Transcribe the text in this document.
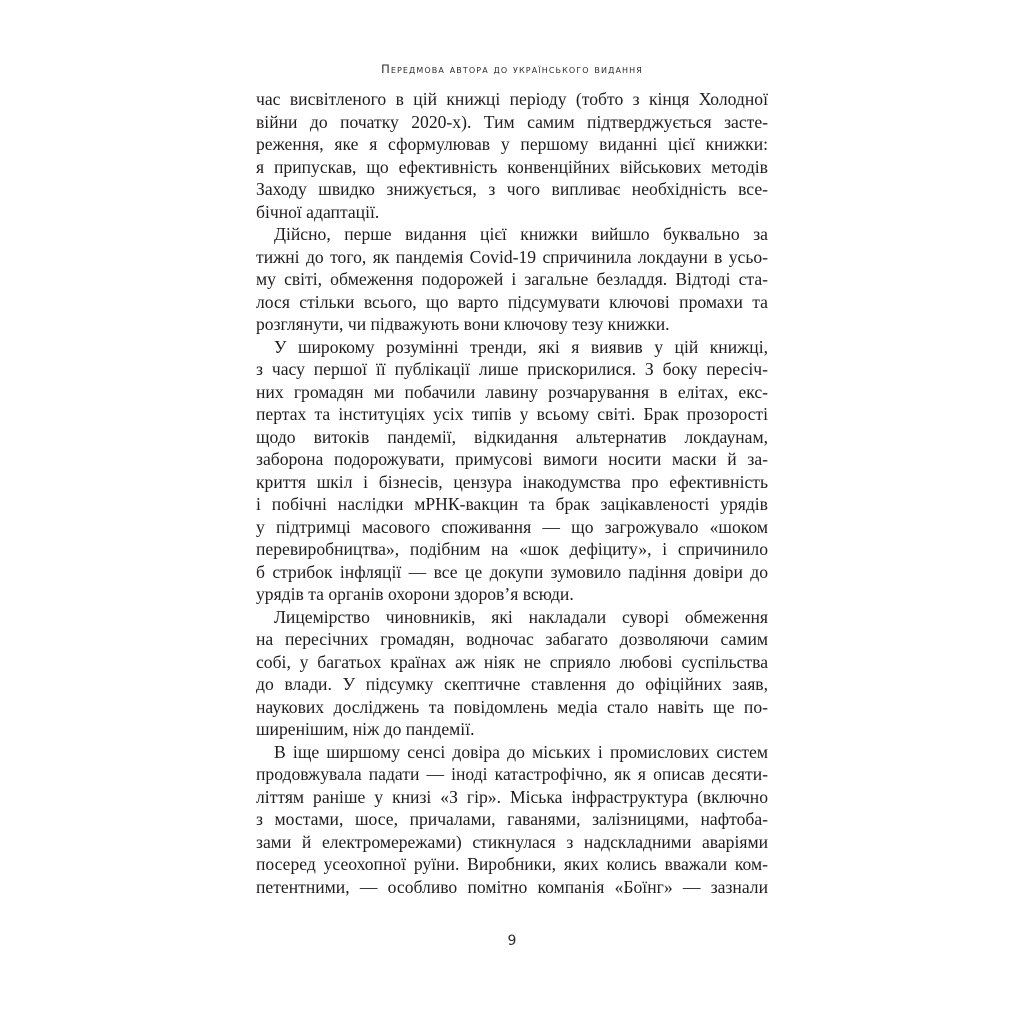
Передмова автора до українського видання
час висвітленого в цій книжці періоду (тобто з кінця Холодної
війни до початку 2020-х). Тим самим підтверджується засте-
реження, яке я сформулював у першому виданні цієї книжки:
я припускав, що ефективність конвенційних військових методів
Заходу швидко знижується, з чого випливає необхідність все-
бічної адаптації.
Дійсно, перше видання цієї книжки вийшло буквально за
тижні до того, як пандемія Covid-19 спричинила локдауни в усьо-
му світі, обмеження подорожей і загальне безладдя. Відтоді ста-
лося стільки всього, що варто підсумувати ключові промахи та
розглянути, чи підважують вони ключову тезу книжки.
У широкому розумінні тренди, які я виявив у цій книжці,
з часу першої її публікації лише прискорилися. З боку пересіч-
них громадян ми побачили лавину розчарування в елітах, екс-
пертах та інституціях усіх типів у всьому світі. Брак прозорості
щодо витоків пандемії, відкидання альтернатив локдаунам,
заборона подорожувати, примусові вимоги носити маски й за-
криття шкіл і бізнесів, цензура інакодумства про ефективність
і побічні наслідки мРНК-вакцин та брак зацікавленості урядів
у підтримці масового споживання — що загрожувало «шоком
перевиробництва», подібним на «шок дефіциту», і спричинило
б стрибок інфляції — все це докупи зумовило падіння довіри до
урядів та органів охорони здоров’я всюди.
Лицемірство чиновників, які накладали суворі обмеження
на пересічних громадян, водночас забагато дозволяючи самим
собі, у багатьох країнах аж ніяк не сприяло любові суспільства
до влади. У підсумку скептичне ставлення до офіційних заяв,
наукових досліджень та повідомлень медіа стало навіть ще по-
ширенішим, ніж до пандемії.
В іще ширшому сенсі довіра до міських і промислових систем
продовжувала падати — іноді катастрофічно, як я описав десяти-
літтям раніше у книзі «З гір». Міська інфраструктура (включно
з мостами, шосе, причалами, гаванями, залізницями, нафтоба-
зами й електромережами) стикнулася з надскладними аваріями
посеред усеохопної руїни. Виробники, яких колись вважали ком-
петентними, — особливо помітно компанія «Боїнг» — зазнали
9
